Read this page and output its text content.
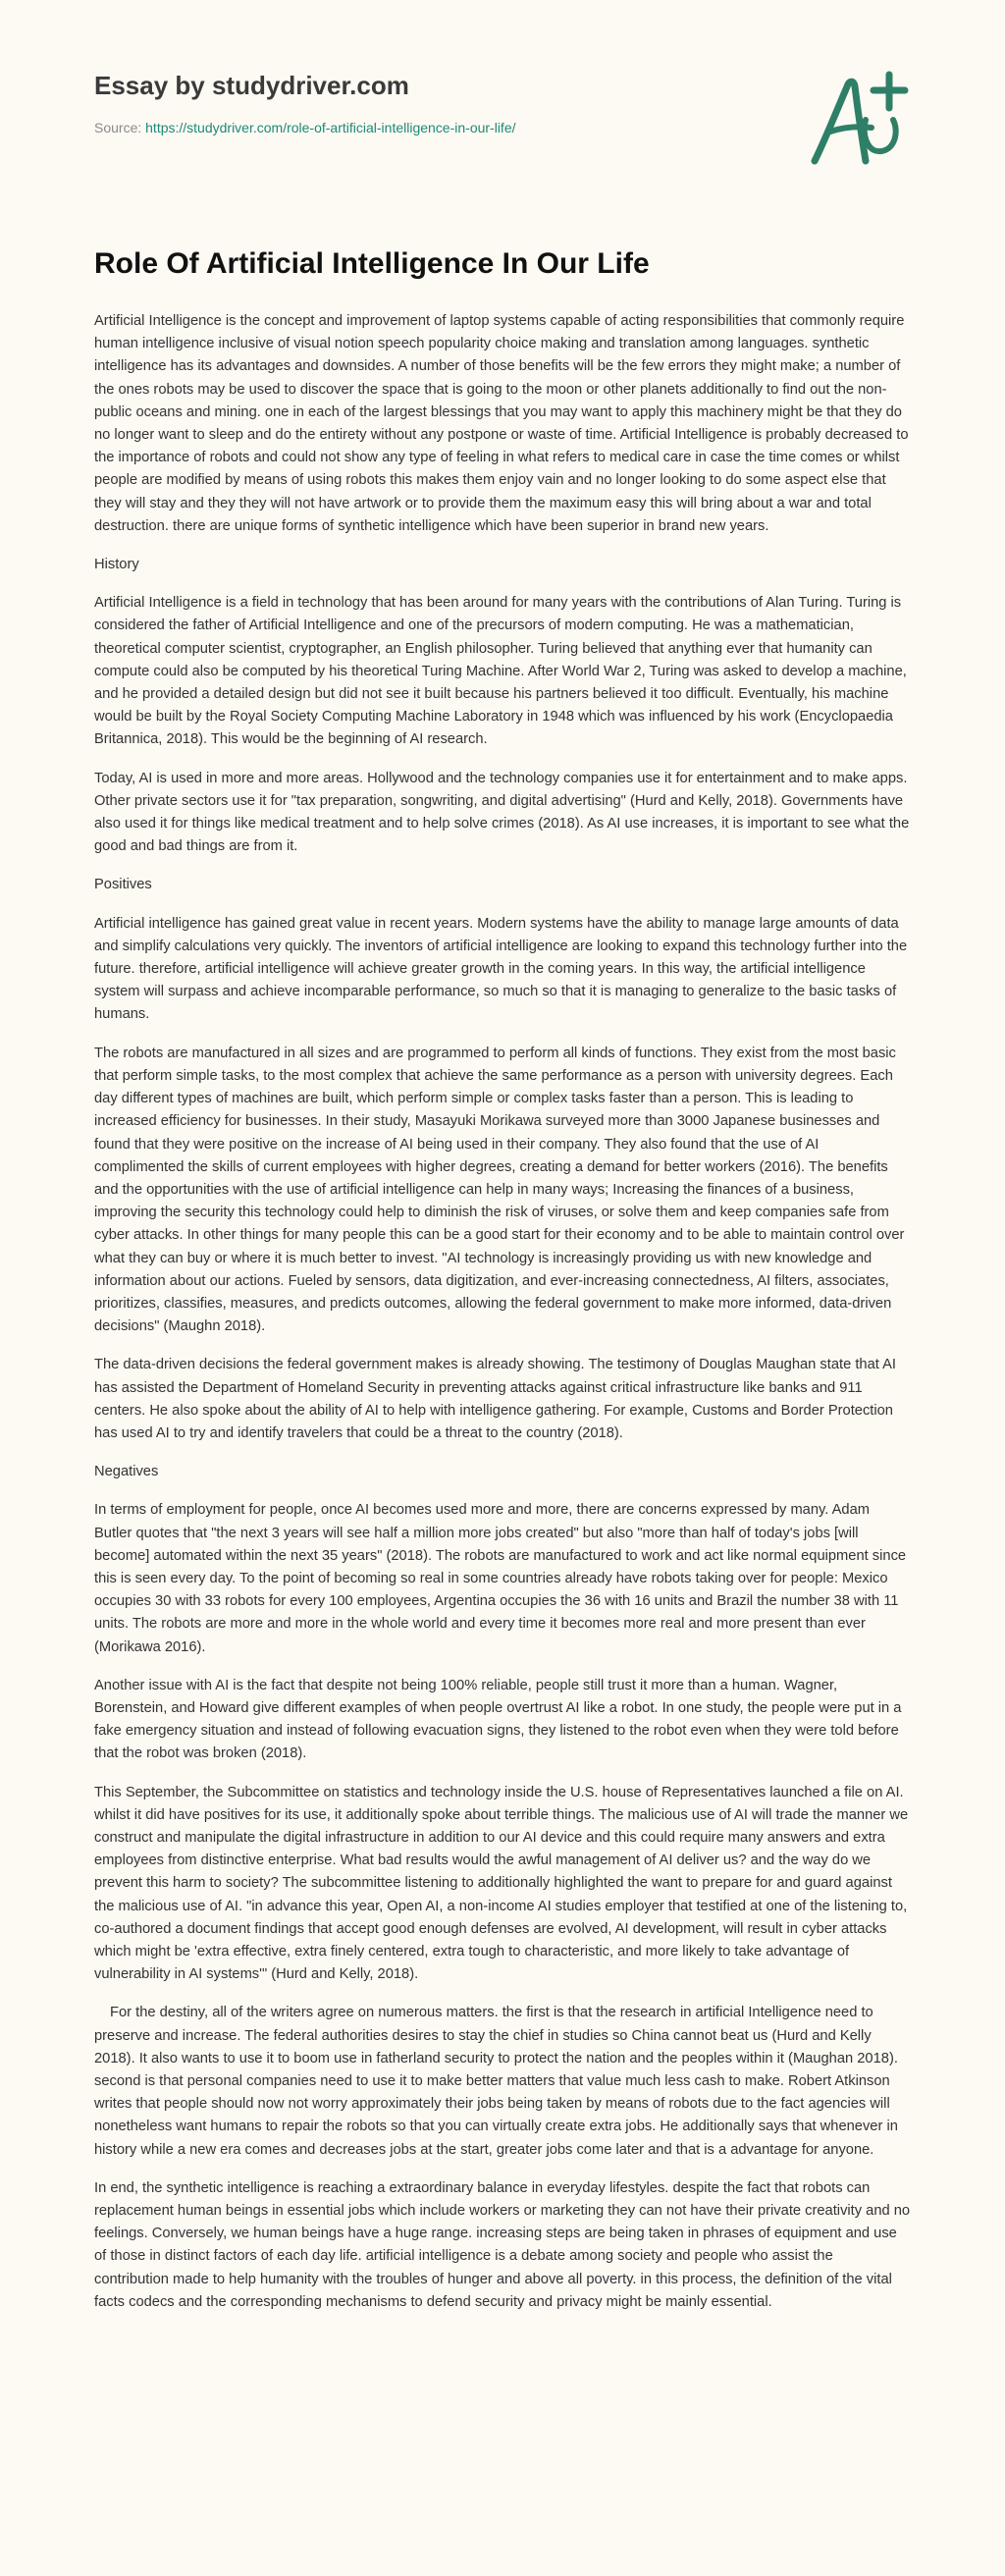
Essay by studydriver.com
Source: https://studydriver.com/role-of-artificial-intelligence-in-our-life/
Role Of Artificial Intelligence In Our Life

Artificial Intelligence is the concept and improvement of laptop systems capable of acting responsibilities that commonly require human intelligence inclusive of visual notion speech popularity choice making and translation among languages. synthetic intelligence has its advantages and downsides. A number of those benefits will be the few errors they might make; a number of the ones robots may be used to discover the space that is going to the moon or other planets additionally to find out the non-public oceans and mining. one in each of the largest blessings that you may want to apply this machinery might be that they do no longer want to sleep and do the entirety without any postpone or waste of time. Artificial Intelligence is probably decreased to the importance of robots and could not show any type of feeling in what refers to medical care in case the time comes or whilst people are modified by means of using robots this makes them enjoy vain and no longer looking to do some aspect else that they will stay and they they will not have artwork or to provide them the maximum easy this will bring about a war and total destruction. there are unique forms of synthetic intelligence which have been superior in brand new years.

History

Artificial Intelligence is a field in technology that has been around for many years with the contributions of Alan Turing. Turing is considered the father of Artificial Intelligence and one of the precursors of modern computing. He was a mathematician, theoretical computer scientist, cryptographer, an English philosopher. Turing believed that anything ever that humanity can compute could also be computed by his theoretical Turing Machine. After World War 2, Turing was asked to develop a machine, and he provided a detailed design but did not see it built because his partners believed it too difficult. Eventually, his machine would be built by the Royal Society Computing Machine Laboratory in 1948 which was influenced by his work (Encyclopaedia Britannica, 2018). This would be the beginning of AI research.

Today, AI is used in more and more areas. Hollywood and the technology companies use it for entertainment and to make apps. Other private sectors use it for "tax preparation, songwriting, and digital advertising" (Hurd and Kelly, 2018). Governments have also used it for things like medical treatment and to help solve crimes (2018). As AI use increases, it is important to see what the good and bad things are from it.

Positives

Artificial intelligence has gained great value in recent years. Modern systems have the ability to manage large amounts of data and simplify calculations very quickly. The inventors of artificial intelligence are looking to expand this technology further into the future. therefore, artificial intelligence will achieve greater growth in the coming years. In this way, the artificial intelligence system will surpass and achieve incomparable performance, so much so that it is managing to generalize to the basic tasks of humans.

The robots are manufactured in all sizes and are programmed to perform all kinds of functions. They exist from the most basic that perform simple tasks, to the most complex that achieve the same performance as a person with university degrees. Each day different types of machines are built, which perform simple or complex tasks faster than a person. This is leading to increased efficiency for businesses. In their study, Masayuki Morikawa surveyed more than 3000 Japanese businesses and found that they were positive on the increase of AI being used in their company. They also found that the use of AI complimented the skills of current employees with higher degrees, creating a demand for better workers (2016). The benefits and the opportunities with the use of artificial intelligence can help in many ways; Increasing the finances of a business, improving the security this technology could help to diminish the risk of viruses, or solve them and keep companies safe from cyber attacks. In other things for many people this can be a good start for their economy and to be able to maintain control over what they can buy or where it is much better to invest. "AI technology is increasingly providing us with new knowledge and information about our actions. Fueled by sensors, data digitization, and ever-increasing connectedness, AI filters, associates, prioritizes, classifies, measures, and predicts outcomes, allowing the federal government to make more informed, data-driven decisions" (Maughn 2018).

The data-driven decisions the federal government makes is already showing. The testimony of Douglas Maughan state that AI has assisted the Department of Homeland Security in preventing attacks against critical infrastructure like banks and 911 centers. He also spoke about the ability of AI to help with intelligence gathering. For example, Customs and Border Protection has used AI to try and identify travelers that could be a threat to the country (2018).

Negatives

In terms of employment for people, once AI becomes used more and more, there are concerns expressed by many. Adam Butler quotes that "the next 3 years will see half a million more jobs created" but also "more than half of today's jobs [will become] automated within the next 35 years" (2018). The robots are manufactured to work and act like normal equipment since this is seen every day. To the point of becoming so real in some countries already have robots taking over for people: Mexico occupies 30 with 33 robots for every 100 employees, Argentina occupies the 36 with 16 units and Brazil the number 38 with 11 units. The robots are more and more in the whole world and every time it becomes more real and more present than ever (Morikawa 2016).

Another issue with AI is the fact that despite not being 100% reliable, people still trust it more than a human. Wagner, Borenstein, and Howard give different examples of when people overtrust AI like a robot. In one study, the people were put in a fake emergency situation and instead of following evacuation signs, they listened to the robot even when they were told before that the robot was broken (2018).

This September, the Subcommittee on statistics and technology inside the U.S. house of Representatives launched a file on AI. whilst it did have positives for its use, it additionally spoke about terrible things. The malicious use of AI will trade the manner we construct and manipulate the digital infrastructure in addition to our AI device and this could require many answers and extra employees from distinctive enterprise. What bad results would the awful management of AI deliver us? and the way do we prevent this harm to society? The subcommittee listening to additionally highlighted the want to prepare for and guard against the malicious use of AI. "in advance this year, Open AI, a non-income AI studies employer that testified at one of the listening to, co-authored a document findings that accept good enough defenses are evolved, AI development, will result in cyber attacks which might be 'extra effective, extra finely centered, extra tough to characteristic, and more likely to take advantage of vulnerability in AI systems'" (Hurd and Kelly, 2018).

For the destiny, all of the writers agree on numerous matters. the first is that the research in artificial Intelligence need to preserve and increase. The federal authorities desires to stay the chief in studies so China cannot beat us (Hurd and Kelly 2018). It also wants to use it to boom use in fatherland security to protect the nation and the peoples within it (Maughan 2018). second is that personal companies need to use it to make better matters that value much less cash to make. Robert Atkinson writes that people should now not worry approximately their jobs being taken by means of robots due to the fact agencies will nonetheless want humans to repair the robots so that you can virtually create extra jobs. He additionally says that whenever in history while a new era comes and decreases jobs at the start, greater jobs come later and that is a advantage for anyone.

In end, the synthetic intelligence is reaching a extraordinary balance in everyday lifestyles. despite the fact that robots can replacement human beings in essential jobs which include workers or marketing they can not have their private creativity and no feelings. Conversely, we human beings have a huge range. increasing steps are being taken in phrases of equipment and use of those in distinct factors of each day life. artificial intelligence is a debate among society and people who assist the contribution made to help humanity with the troubles of hunger and above all poverty. in this process, the definition of the vital facts codecs and the corresponding mechanisms to defend security and privacy might be mainly essential.
